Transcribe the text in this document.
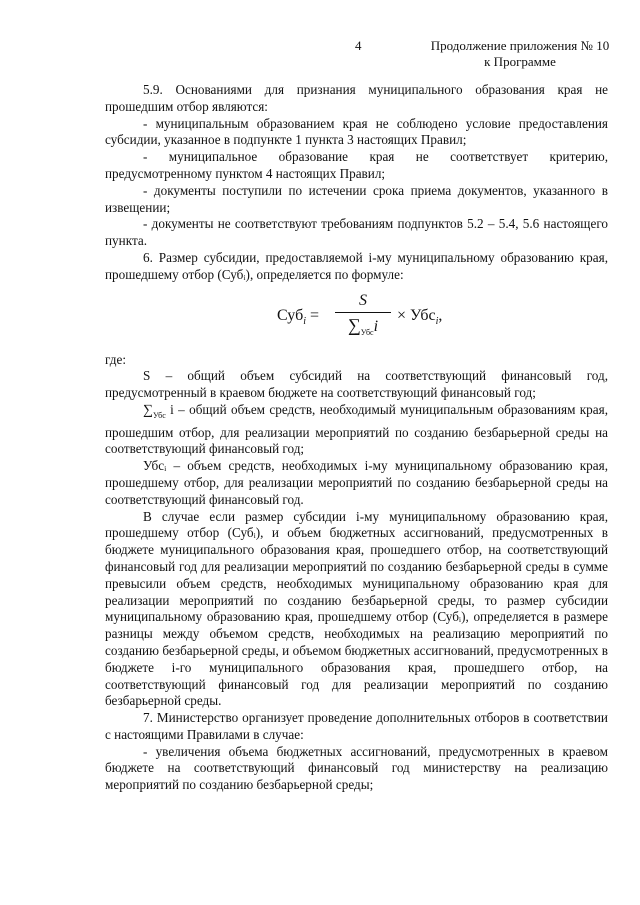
4	Продолжение приложения № 10
к Программе

5.9. Основаниями для признания муниципального образования края не прошедшим отбор являются:

- муниципальным образованием края не соблюдено условие предоставления субсидии, указанное в подпункте 1 пункта 3 настоящих Правил;

- муниципальное образование края не соответствует критерию, предусмотренному пунктом 4 настоящих Правил;

- документы поступили по истечении срока приема документов, указанного в извещении;

- документы не соответствуют требованиям подпунктов 5.2 – 5.4, 5.6 настоящего пункта.

6. Размер субсидии, предоставляемой i-му муниципальному образованию края, прошедшему отбор (Субᵢ), определяется по формуле:

Суб$_i$ =
S
$\sum_{Убс}i$
× Убс$_i$,

где:

S – общий объем субсидий на соответствующий финансовый год, предусмотренный в краевом бюджете на соответствующий финансовый год;

$\sum_{Убс}$ i – общий объем средств, необходимый муниципальным образованиям края, прошедшим отбор, для реализации мероприятий по созданию безбарьерной среды на соответствующий финансовый год;

Убсᵢ – объем средств, необходимых i-му муниципальному образованию края, прошедшему отбор, для реализации мероприятий по созданию безбарьерной среды на соответствующий финансовый год.

В случае если размер субсидии i-му муниципальному образованию края, прошедшему отбор (Субᵢ), и объем бюджетных ассигнований, предусмотренных в бюджете муниципального образования края, прошедшего отбор, на соответствующий финансовый год для реализации мероприятий по созданию безбарьерной среды в сумме превысили объем средств, необходимых муниципальному образованию края для реализации мероприятий по созданию безбарьерной среды, то размер субсидии муниципальному образованию края, прошедшему отбор (Субᵢ), определяется в размере разницы между объемом средств, необходимых на реализацию мероприятий по созданию безбарьерной среды, и объемом бюджетных ассигнований, предусмотренных в бюджете i-го муниципального образования края, прошедшего отбор, на соответствующий финансовый год для реализации мероприятий по созданию безбарьерной среды.

7. Министерство организует проведение дополнительных отборов в соответствии с настоящими Правилами в случае:

- увеличения объема бюджетных ассигнований, предусмотренных в краевом бюджете на соответствующий финансовый год министерству на реализацию мероприятий по созданию безбарьерной среды;
